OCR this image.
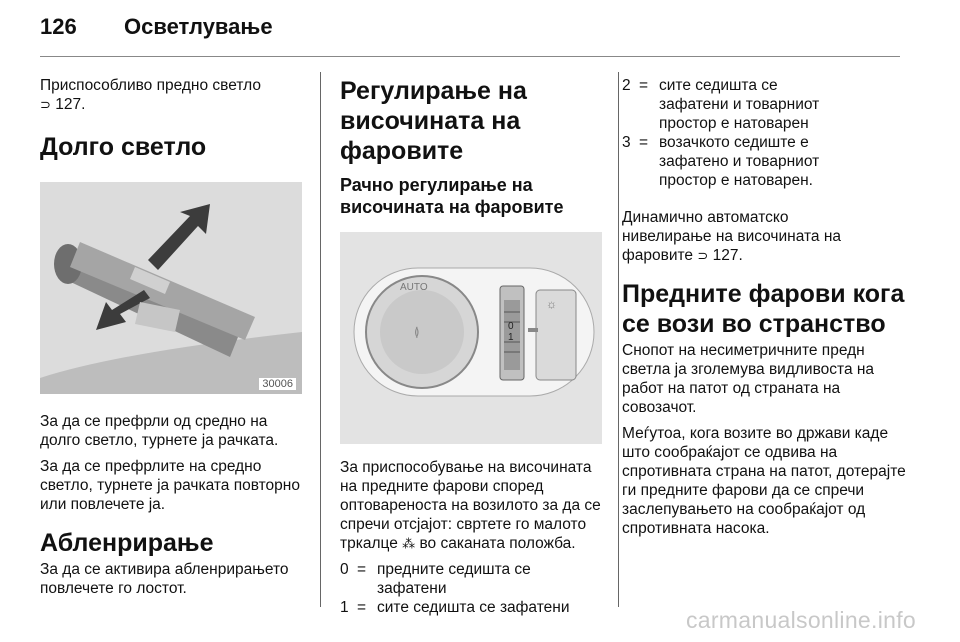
126	Осветлување

Приспособливо предно светло

⊃ 127.

Долго светло
30006

За да се префрли од средно на долго светло, турнете ја рачката.

За да се префрлите на средно светло, турнете ја рачката повторно или повлечете ја.

Абленрирање

За да се активира абленрирањето повлечете го лостот.

Регулирање на височината на фаровите
Рачно регулирање на височината на фаровите
AUTO
≬	0
1
☼

За приспособување на височината на предните фарови според оптовареноста на возилото за да се спречи отсјајот: свртете го малото тркалце ⁂ во саканата положба.

0 = предните седишта се зафатени
1 = сите седишта се зафатени
2 = сите седишта се зафатени и товарниот простор е натоварен
3 = возачкото седиште е зафатено и товарниот простор е натоварен.

Динамично автоматско нивелирање на височината на фаровите ⊃ 127.

Предните фарови кога се вози во странство

Снопот на несиметричните предн светла ја зголемува видливоста на работ на патот од страната на совозачот.

Меѓутоа, кога возите во држави каде што сообраќајот се одвива на спротивната страна на патот, дотерајте ги предните фарови да се спречи заслепувањето на сообраќајот од спротивната насока.

carmanualsonline.info
